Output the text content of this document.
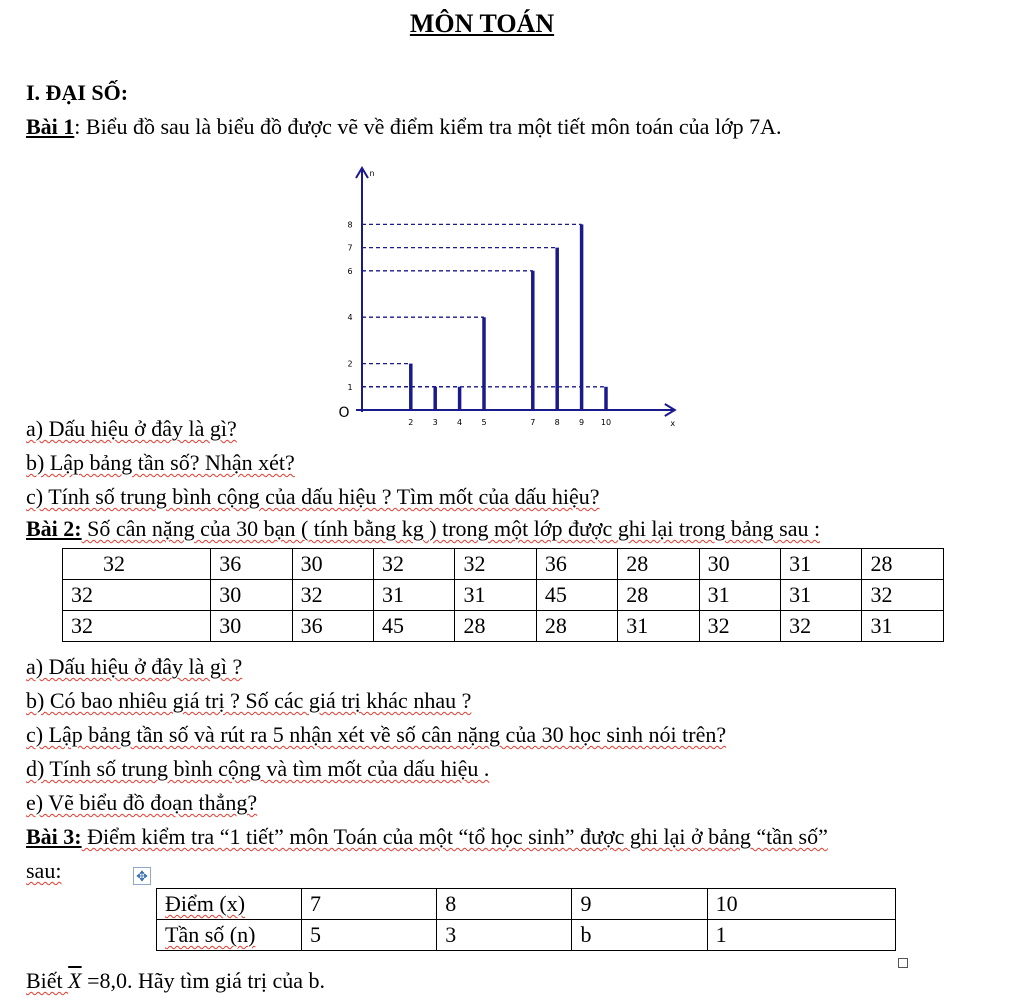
MÔN TOÁN
I. ĐẠI SỐ:
Bài 1: Biểu đồ sau là biểu đồ được vẽ về điểm kiểm tra một tiết môn toán của lớp 7A.
2 3 4 5	7 8 9 10
1
2
4
6
7
8
O
x
n
a) Dấu hiệu ở đây là gì?
b) Lập bảng tần số? Nhận xét?
c) Tính số trung bình cộng của dấu hiệu ? Tìm mốt của dấu hiệu?
Bài 2: Số cân nặng của 30 bạn ( tính bằng kg ) trong một lớp được ghi lại trong bảng sau :
32	36	30	32	32	36	28	30	31	28
32	30	32	31	31	45	28	31	31	32
32	30	36	45	28	28	31	32	32	31
a) Dấu hiệu ở đây là gì ?
b) Có bao nhiêu giá trị ? Số các giá trị khác nhau ?
c) Lập bảng tần số và rút ra 5 nhận xét về số cân nặng của 30 học sinh nói trên?
d) Tính số trung bình cộng và tìm mốt của dấu hiệu .
e) Vẽ biểu đồ đoạn thẳng?
Bài 3: Điểm kiểm tra “1 tiết” môn Toán của một “tổ học sinh” được ghi lại ở bảng “tần số”
sau:	✥
Điểm (x)	7	8	9	10
Tần số (n)	5	3	b	1
Biết $\overline{X} =8,0$. Hãy tìm giá trị của b.
